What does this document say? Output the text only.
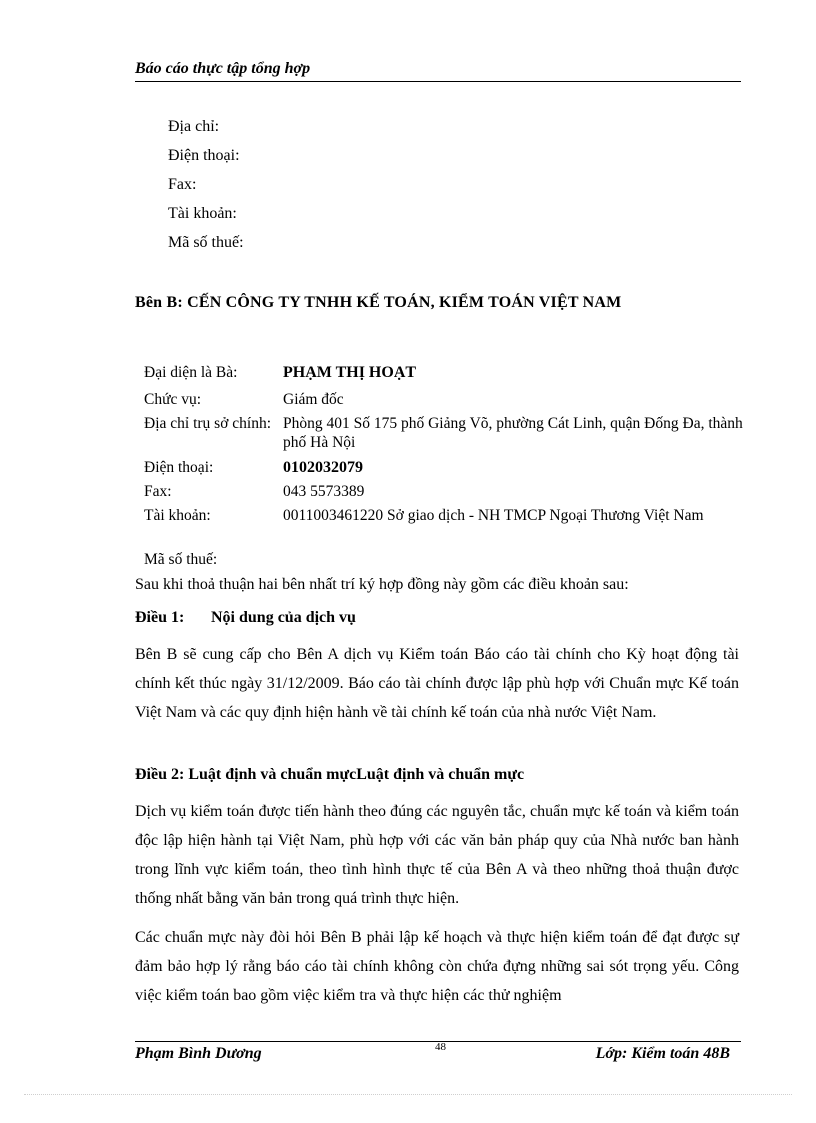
Báo cáo thực tập tổng hợp
Địa chỉ:
Điện thoại:
Fax:
Tài khoản:
Mã số thuế:
Bên B: CẾN CÔNG TY TNHH KẾ TOÁN, KIỂM TOÁN VIỆT NAM
Đại diện là Bà:	PHẠM THỊ HOẠT
Chức vụ:	Giám đốc
Địa chỉ trụ sở chính:	Phòng 401 Số 175 phố Giảng Võ, phường Cát Linh, quận Đống Đa, thành phố Hà Nội
Điện thoại:	0102032079
Fax:	043 5573389
Tài khoản:	0011003461220 Sở giao dịch - NH TMCP Ngoại Thương Việt Nam
Mã số thuế:	
Sau khi thoả thuận hai bên nhất trí ký hợp đồng này gồm các điều khoản sau:
Điều 1: Nội dung của dịch vụ
Bên B sẽ cung cấp cho Bên A dịch vụ Kiểm toán Báo cáo tài chính cho Kỳ hoạt động tài chính kết thúc ngày 31/12/2009. Báo cáo tài chính được lập phù hợp với Chuẩn mực Kế toán Việt Nam và các quy định hiện hành về tài chính kế toán của nhà nước Việt Nam.
Điều 2: Luật định và chuẩn mựcLuật định và chuẩn mực
Dịch vụ kiểm toán được tiến hành theo đúng các nguyên tắc, chuẩn mực kế toán và kiểm toán độc lập hiện hành tại Việt Nam, phù hợp với các văn bản pháp quy của Nhà nước ban hành trong lĩnh vực kiểm toán, theo tình hình thực tế của Bên A và theo những thoả thuận được thống nhất bằng văn bản trong quá trình thực hiện.
Các chuẩn mực này đòi hỏi Bên B phải lập kế hoạch và thực hiện kiểm toán để đạt được sự đảm bảo hợp lý rằng báo cáo tài chính không còn chứa đựng những sai sót trọng yếu. Công việc kiểm toán bao gồm việc kiểm tra và thực hiện các thử nghiệm
Phạm Bình Dương	48	Lớp: Kiểm toán 48B
